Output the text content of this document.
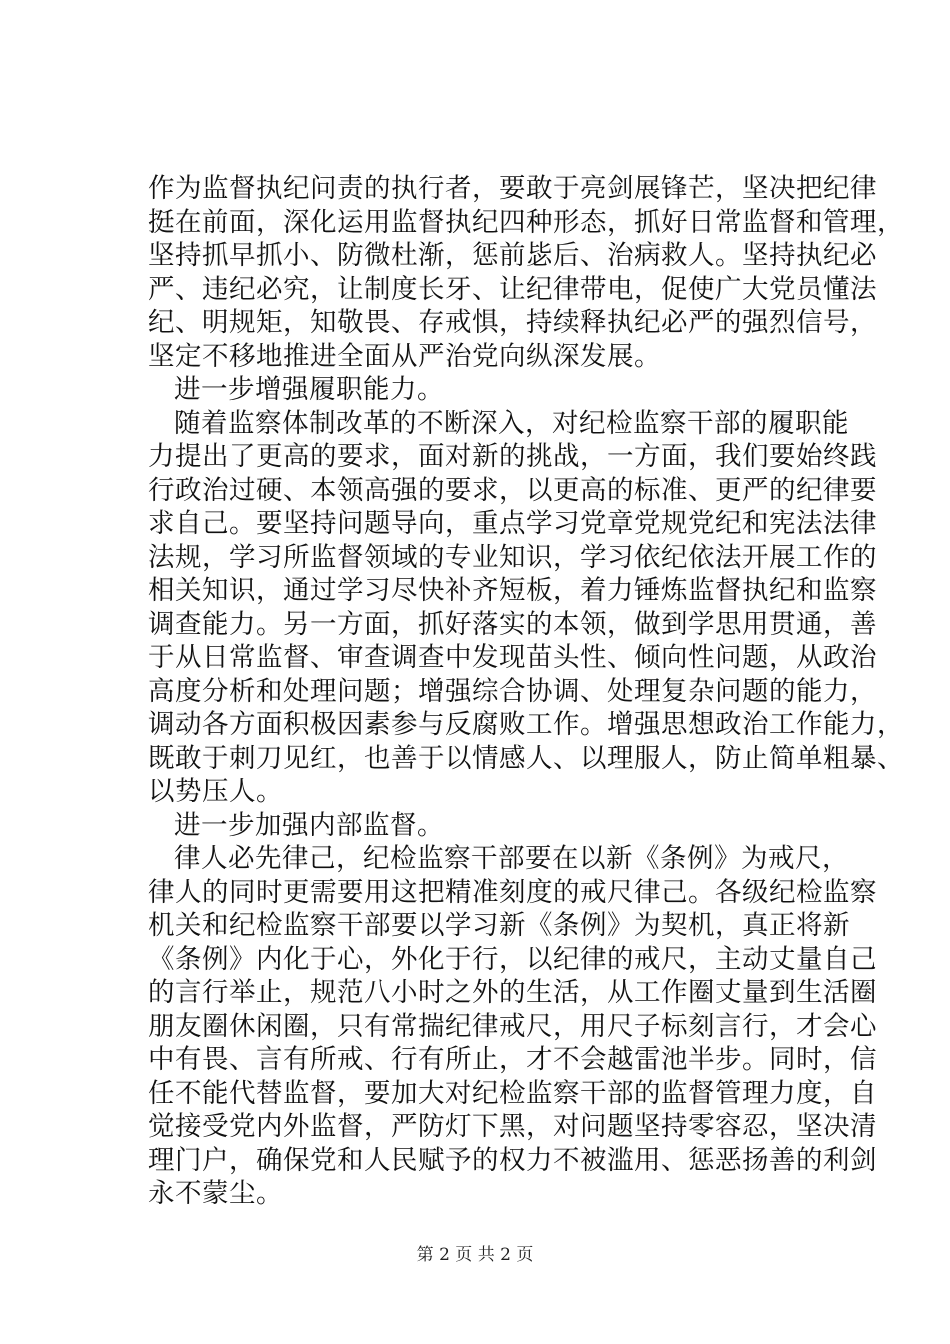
作为监督执纪问责的执行者，要敢于亮剑展锋芒，坚决把纪律
挺在前面，深化运用监督执纪四种形态，抓好日常监督和管理，
坚持抓早抓小、防微杜渐，惩前毖后、治病救人。坚持执纪必
严、违纪必究，让制度长牙、让纪律带电，促使广大党员懂法
纪、明规矩，知敬畏、存戒惧，持续释执纪必严的强烈信号，
坚定不移地推进全面从严治党向纵深发展。
进一步增强履职能力。
随着监察体制改革的不断深入，对纪检监察干部的履职能
力提出了更高的要求，面对新的挑战，一方面，我们要始终践
行政治过硬、本领高强的要求，以更高的标准、更严的纪律要
求自己。要坚持问题导向，重点学习党章党规党纪和宪法法律
法规，学习所监督领域的专业知识，学习依纪依法开展工作的
相关知识，通过学习尽快补齐短板，着力锤炼监督执纪和监察
调查能力。另一方面，抓好落实的本领，做到学思用贯通，善
于从日常监督、审查调查中发现苗头性、倾向性问题，从政治
高度分析和处理问题；增强综合协调、处理复杂问题的能力，
调动各方面积极因素参与反腐败工作。增强思想政治工作能力，
既敢于刺刀见红，也善于以情感人、以理服人，防止简单粗暴、
以势压人。
进一步加强内部监督。
律人必先律己，纪检监察干部要在以新《条例》为戒尺，
律人的同时更需要用这把精准刻度的戒尺律己。各级纪检监察
机关和纪检监察干部要以学习新《条例》为契机，真正将新
《条例》内化于心，外化于行，以纪律的戒尺，主动丈量自己
的言行举止，规范八小时之外的生活，从工作圈丈量到生活圈
朋友圈休闲圈，只有常揣纪律戒尺，用尺子标刻言行，才会心
中有畏、言有所戒、行有所止，才不会越雷池半步。同时，信
任不能代替监督，要加大对纪检监察干部的监督管理力度，自
觉接受党内外监督，严防灯下黑，对问题坚持零容忍，坚决清
理门户，确保党和人民赋予的权力不被滥用、惩恶扬善的利剑
永不蒙尘。
第 2 页 共 2 页
